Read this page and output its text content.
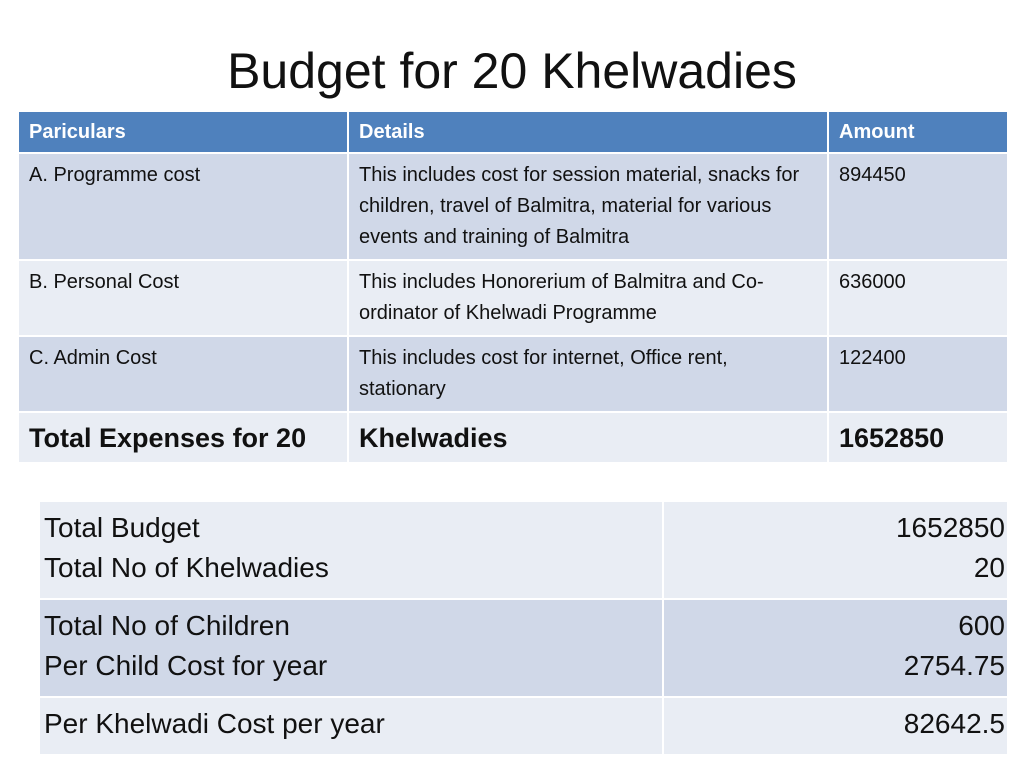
Budget for 20 Khelwadies
Pariculars	Details	Amount
A. Programme cost	This includes cost for session material, snacks for children, travel of Balmitra, material for various events and training of Balmitra	894450
B. Personal Cost	This includes Honorerium of Balmitra and Co-ordinator of Khelwadi Programme	636000
C. Admin Cost	This includes cost for internet, Office rent, stationary	122400
Total Expenses for 20	Khelwadies	1652850
Total Budget	1652850
Total No of Khelwadies	20
Total No of Children	600
Per Child Cost for year	2754.75
Per Khelwadi Cost per year	82642.5
